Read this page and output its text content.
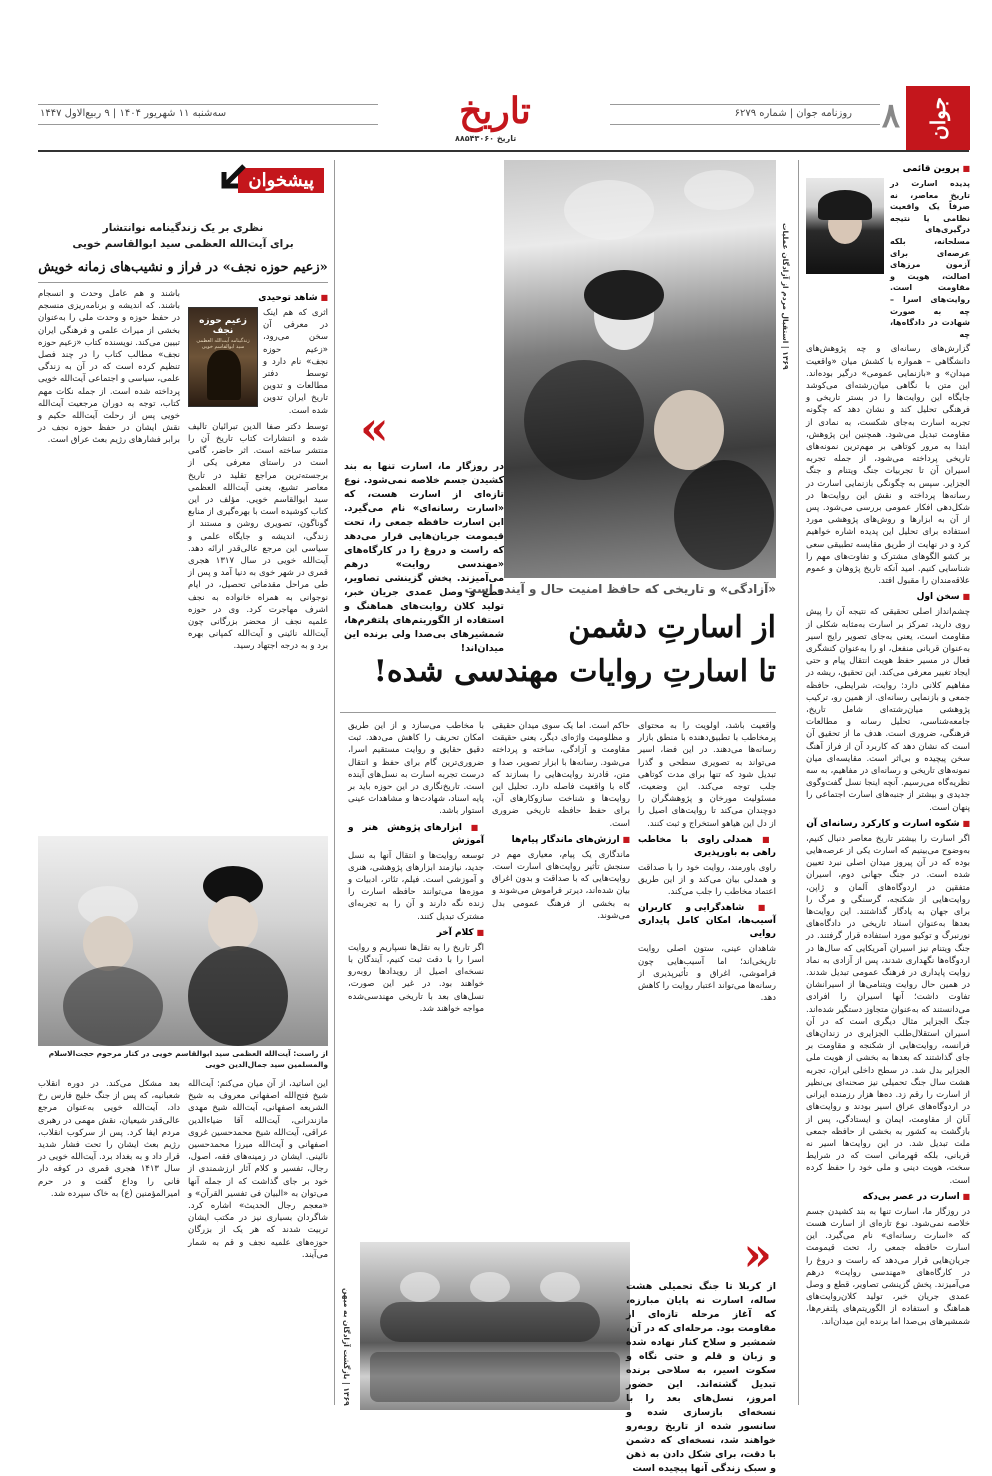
جوان
۸
روزنامه جوان | شماره ۶۲۷۹
تاریخ
تاریخ ۸۸۵۴۳۰۶۰
سه‌شنبه ۱۱ شهریور ۱۴۰۴ | ۹ ربیع‌الاول ۱۴۴۷
■ پروین قائمی
پدیده اسارت در تاریخ معاصر، نه صرفاً یک واقعیت نظامی یا نتیجه درگیری‌های مسلحانه، بلکه عرصه‌ای برای آزمون مرزهای اصالت، هویت و مقاومت است. روایت‌های اسرا – چه به صورت شهادت در دادگاه‌ها، چه
گزارش‌های رسانه‌ای و چه پژوهش‌های دانشگاهی – همواره با کشش میان «واقعیت میدان» و «بازنمایی عمومی» درگیر بوده‌اند. این متن با نگاهی میان‌رشته‌ای می‌کوشد جایگاه این روایت‌ها را در بستر تاریخی و فرهنگی تحلیل کند و نشان دهد که چگونه تجربه اسارت به‌جای شکست، به نمادی از مقاومت تبدیل می‌شود. همچنین این پژوهش، ابتدا به مرور کوتاهی بر مهم‌ترین نمونه‌های تاریخی پرداخته می‌شود، از جمله تجربه اسیران آن تا تجربیات جنگ ویتنام و جنگ الجزایر. سپس به چگونگی بازنمایی اسارت در رسانه‌ها پرداخته و نقش این روایت‌ها در شکل‌دهی افکار عمومی بررسی می‌شود. پس از آن به ابزارها و روش‌های پژوهشی مورد استفاده برای تحلیل این پدیده اشاره خواهیم کرد و در نهایت از طریق مقایسه تطبیقی سعی بر کشو الگوهای مشترک و تفاوت‌های مهم را شناسایی کنیم. امید آنکه تاریخ پژوهان و عموم علاقه‌مندان را مقبول افتد.
■ سخن اول
چشم‌انداز اصلی تحقیقی که نتیجه آن را پیش روی دارید، تمرکز بر اسارت به‌مثابه شکلی از مقاومت است، یعنی به‌جای تصویر رایج اسیر به‌عنوان قربانی منفعل، او را به‌عنوان کنشگری فعال در مسیر حفظ هویت انتقال پیام و حتی ایجاد تغییر معرفی می‌کند. این تحقیق، ریشه در مفاهیم کلانی دارد: روایت، شرایطی، حافظه جمعی و بازنمایی رسانه‌ای. از همین رو، ترکیب پژوهشی میان‌رشته‌ای شامل تاریخ، جامعه‌شناسی، تحلیل رسانه و مطالعات فرهنگی، ضروری است. هدف ما از تحقیق آن است که نشان دهد که کاربرد آن از فراز آهنگ سخن پیچیده و بی‌اثر است. مقایسه‌ای میان نمونه‌های تاریخی و رسانه‌ای در مفاهیم، به سه نظریه‌گاه می‌رسیم. آنچه اینجا نسل گفت‌وگوی جدیدی و بیشتر از جنبه‌های اسارت اجتماعی را پنهان است.
■ شکوه اسارت و کارکرد رسانه‌ای آن
اگر اسارت را بیشتر تاریخ معاصر دنبال کنیم، به‌وضوح می‌بینیم که اسارت یکی از عرصه‌هایی بوده که در آن پیروز میدان اصلی نبرد تعیین شده است. در جنگ جهانی دوم، اسیران متفقین در اردوگاه‌های آلمان و ژاپن، روایت‌هایی از شکنجه، گرسنگی و مرگ را برای جهان به یادگار گذاشتند. این روایت‌ها بعدها به‌عنوان اسناد تاریخی در دادگاه‌های نورنبرگ و توکیو مورد استفاده قرار گرفتند. در جنگ ویتنام نیز اسیران آمریکایی که سال‌ها در اردوگاه‌ها نگهداری شدند، پس از آزادی به نماد روایت پایداری در فرهنگ عمومی تبدیل شدند. در همین حال روایت ویتنامی‌ها از اسیرانشان تفاوت داشت؛ آنها اسیران را افرادی می‌دانستند که به‌عنوان متجاوز دستگیر شده‌اند. جنگ الجزایر مثال دیگری است که در آن اسیران استقلال‌طلب الجزایری در زندان‌های فرانسه، روایت‌هایی از شکنجه و مقاومت بر جای گذاشتند که بعدها به بخشی از هویت ملی الجزایر بدل شد. در سطح داخلی ایران، تجربه هشت سال جنگ تحمیلی نیز صحنه‌ای بی‌نظیر از اسارت را رقم زد. ده‌ها هزار رزمنده ایرانی در اردوگاه‌های عراق اسیر بودند و روایت‌های آنان از مقاومت، ایمان و ایستادگی، پس از بازگشت به کشور به بخشی از حافظه جمعی ملت تبدیل شد. در این روایت‌ها اسیر نه قربانی، بلکه قهرمانی است که در شرایط سخت، هویت دینی و ملی خود را حفظ کرده است.
■ اسارت در عصر بی‌دکه
در روزگار ما، اسارت تنها به بند کشیدن جسم خلاصه نمی‌شود. نوع تازه‌ای از اسارت هست که «اسارت رسانه‌ای» نام می‌گیرد. این اسارت حافظه جمعی را، تحت قیمومت جریان‌هایی قرار می‌دهد که راست و دروغ را در کارگاه‌های «مهندسی روایت» درهم می‌آمیزند. پخش گزینشی تصاویر، قطع و وصل عمدی جریان خبر، تولید کلان‌روایت‌های هماهنگ و استفاده از الگوریتم‌های پلتفرم‌ها، شمشیرهای بی‌صدا اما برنده این میدان‌اند.
۱۳۶۹ | استقبال مردم از آزادگان عملیات
»
در روزگار ما، اسارت تنها به بند کشیدن جسم خلاصه نمی‌شود. نوع تازه‌ای از اسارت هست، که «اسارت رسانه‌ای» نام می‌گیرد. این اسارت حافظه جمعی را، تحت قیمومت جریان‌هایی قرار می‌دهد که راست و دروغ را در کارگاه‌های «مهندسی روایت» درهم می‌آمیزند. پخش گزینشی تصاویر، قطع و وصل عمدی جریان خبر، تولید کلان روایت‌های هماهنگ و استفاده از الگوریتم‌های پلتفرم‌ها، شمشیرهای بی‌صدا ولی برنده این میدان‌اند!
«آزادگی» و تاریخی که حافظ امنیت حال و آینده است
از اسارتِ دشمن
تا اسارتِ روایات مهندسی شده!

واقعیت باشد، اولویت را به محتوای پرمخاطب با تطبیق‌دهنده با منطق بازار رسانه‌ها می‌دهند. در این فضا، اسیر می‌تواند به تصویری سطحی و گذرا تبدیل شود که تنها برای مدت کوتاهی جلب توجه می‌کند. این وضعیت، مسئولیت مورخان و پژوهشگران را دوچندان می‌کند تا روایت‌های اصیل را از دل این هیاهو استخراج و ثبت کنند.

■ همدلی راوی با مخاطب راهی به باورپذیری

راوی باورمند، روایت خود را با صداقت و همدلی بیان می‌کند و از این طریق اعتماد مخاطب را جلب می‌کند.

■ شاهدگرایی و کاربران آسیب‌ها، امکان کامل پایداری روایی

شاهدان عینی، ستون اصلی روایت تاریخی‌اند؛ اما آسیب‌هایی چون فراموشی، اغراق و تأثیرپذیری از رسانه‌ها می‌تواند اعتبار روایت را کاهش دهد.

حاکم است. اما یک سوی میدان حقیقی و مظلومیت واژه‌ای دیگر، یعنی حقیقت مقاومت و آزادگی، ساخته و پرداخته می‌شود. رسانه‌ها با ابزار تصویر، صدا و متن، قادرند روایت‌هایی را بسازند که گاه با واقعیت فاصله دارد. تحلیل این روایت‌ها و شناخت سازوکارهای آن، برای حفظ حافظه تاریخی ضروری است.

■ ارزش‌های ماندگار پیام‌ها

ماندگاری یک پیام، معیاری مهم در سنجش تأثیر روایت‌های اسارت است. روایت‌هایی که با صداقت و بدون اغراق بیان شده‌اند، دیرتر فراموش می‌شوند و به بخشی از فرهنگ عمومی بدل می‌شوند.

با مخاطب می‌سازد و از این طریق امکان تحریف را کاهش می‌دهد. ثبت دقیق حقایق و روایت مستقیم اسرا، ضروری‌ترین گام برای حفظ و انتقال درست تجربه اسارت به نسل‌های آینده است. تاریخ‌نگاری در این حوزه باید بر پایه اسناد، شهادت‌ها و مشاهدات عینی استوار باشد.

■ ابزارهای پژوهش هنر و آموزش

توسعه روایت‌ها و انتقال آنها به نسل جدید، نیازمند ابزارهای پژوهشی، هنری و آموزشی است. فیلم، تئاتر، ادبیات و موزه‌ها می‌توانند حافظه اسارت را زنده نگه دارند و آن را به تجربه‌ای مشترک تبدیل کنند.

■ کلام آخر

اگر تاریخ را به نقل‌ها نسپاریم و روایت اسرا را با دقت ثبت کنیم، آیندگان با نسخه‌ای اصیل از رویدادها روبه‌رو خواهند بود. در غیر این صورت، نسل‌های بعد با تاریخی مهندسی‌شده مواجه خواهند شد.

۱۳۶۹ | بازگشت آزادگان به میهن
«
از کربلا تا جنگ تحمیلی هشت ساله، اسارت نه پایان مبارزه، که آغاز مرحله تازه‌ای از مقاومت بود. مرحله‌ای که در آن، شمشیر و سلاح کنار نهاده شده و زبان و قلم و حتی نگاه و سکوت اسیر، به سلاحی برنده تبدیل گشته‌اند. این حضور امروز، نسل‌های بعد را با نسخه‌ای بازسازی شده و سانسور شده از تاریخ روبه‌رو خواهند شد، نسخه‌ای که دشمن با دقت، برای شکل دادن به ذهن و سبک زندگی آنها پیچیده است
پیشخوان
نظری بر یک زندگینامه نوانتشار
برای آیت‌الله العظمی سید ابوالقاسم خویی
«زعیم حوزه نجف» در فراز و نشیب‌های زمانه خویش
■ شاهد توحیدی
اثری که هم اینک در معرفی آن سخن می‌رود، «زعیم حوزه نجف» نام دارد و توسط دفتر مطالعات و تدوین تاریخ ایران تدوین شده است.
زعیم حوزه نجف
زندگینامه آیت‌الله العظمی سید ابوالقاسم خویی
توسط دکتر صفا الدین تبرائیان تالیف شده و انتشارات کتاب تاریخ آن را منتشر ساخته است. اثر حاضر، گامی است در راستای معرفی یکی از برجسته‌ترین مراجع تقلید در تاریخ معاصر تشیع، یعنی آیت‌الله العظمی سید ابوالقاسم خویی. مؤلف در این کتاب کوشیده است با بهره‌گیری از منابع گوناگون، تصویری روشن و مستند از زندگی، اندیشه و جایگاه علمی و سیاسی این مرجع عالی‌قدر ارائه دهد. آیت‌الله خویی در سال ۱۳۱۷ هجری قمری در شهر خوی به دنیا آمد و پس از طی مراحل مقدماتی تحصیل، در ایام نوجوانی به همراه خانواده به نجف اشرف مهاجرت کرد. وی در حوزه علمیه نجف از محضر بزرگانی چون آیت‌الله نائینی و آیت‌الله کمپانی بهره برد و به درجه اجتهاد رسید.
باشند و هم عامل وحدت و انسجام باشند. که اندیشه و برنامه‌ریزی منسجم در حفظ حوزه و وحدت ملی را به‌عنوان بخشی از میراث علمی و فرهنگی ایران تبیین می‌کند. نویسنده کتاب «زعیم حوزه نجف» مطالب کتاب را در چند فصل تنظیم کرده است که در آن به زندگی علمی، سیاسی و اجتماعی آیت‌الله خویی پرداخته شده است. از جمله نکات مهم کتاب، توجه به دوران مرجعیت آیت‌الله خویی پس از رحلت آیت‌الله حکیم و نقش ایشان در حفظ حوزه نجف در برابر فشارهای رژیم بعث عراق است.
از راست: آیت‌الله العظمی سید ابوالقاسم خویی در کنار مرحوم حجت‌الاسلام والمسلمین سید جمال‌الدین خویی
بعد مشکل می‌کند. در دوره انقلاب شعبانیه، که پس از جنگ خلیج فارس رخ داد، آیت‌الله خویی به‌عنوان مرجع عالی‌قدر شیعیان، نقش مهمی در رهبری مردم ایفا کرد. پس از سرکوب انقلاب، رژیم بعث ایشان را تحت فشار شدید قرار داد و به بغداد برد. آیت‌الله خویی در سال ۱۴۱۳ هجری قمری در کوفه دار فانی را وداع گفت و در حرم امیرالمؤمنین (ع) به خاک سپرده شد.
این اساتید، از آن میان می‌کنم: آیت‌الله شیخ فتح‌الله اصفهانی معروف به شیخ الشریعه اصفهانی، آیت‌الله شیخ مهدی مازندرانی، آیت‌الله آقا ضیاءالدین عراقی، آیت‌الله شیخ محمدحسین غروی اصفهانی و آیت‌الله میرزا محمدحسین نائینی. ایشان در زمینه‌های فقه، اصول، رجال، تفسیر و کلام آثار ارزشمندی از خود بر جای گذاشت که از جمله آنها می‌توان به «البیان فی تفسیر القرآن» و «معجم رجال الحدیث» اشاره کرد. شاگردان بسیاری نیز در مکتب ایشان تربیت شدند که هر یک از بزرگان حوزه‌های علمیه نجف و قم به شمار می‌آیند.
